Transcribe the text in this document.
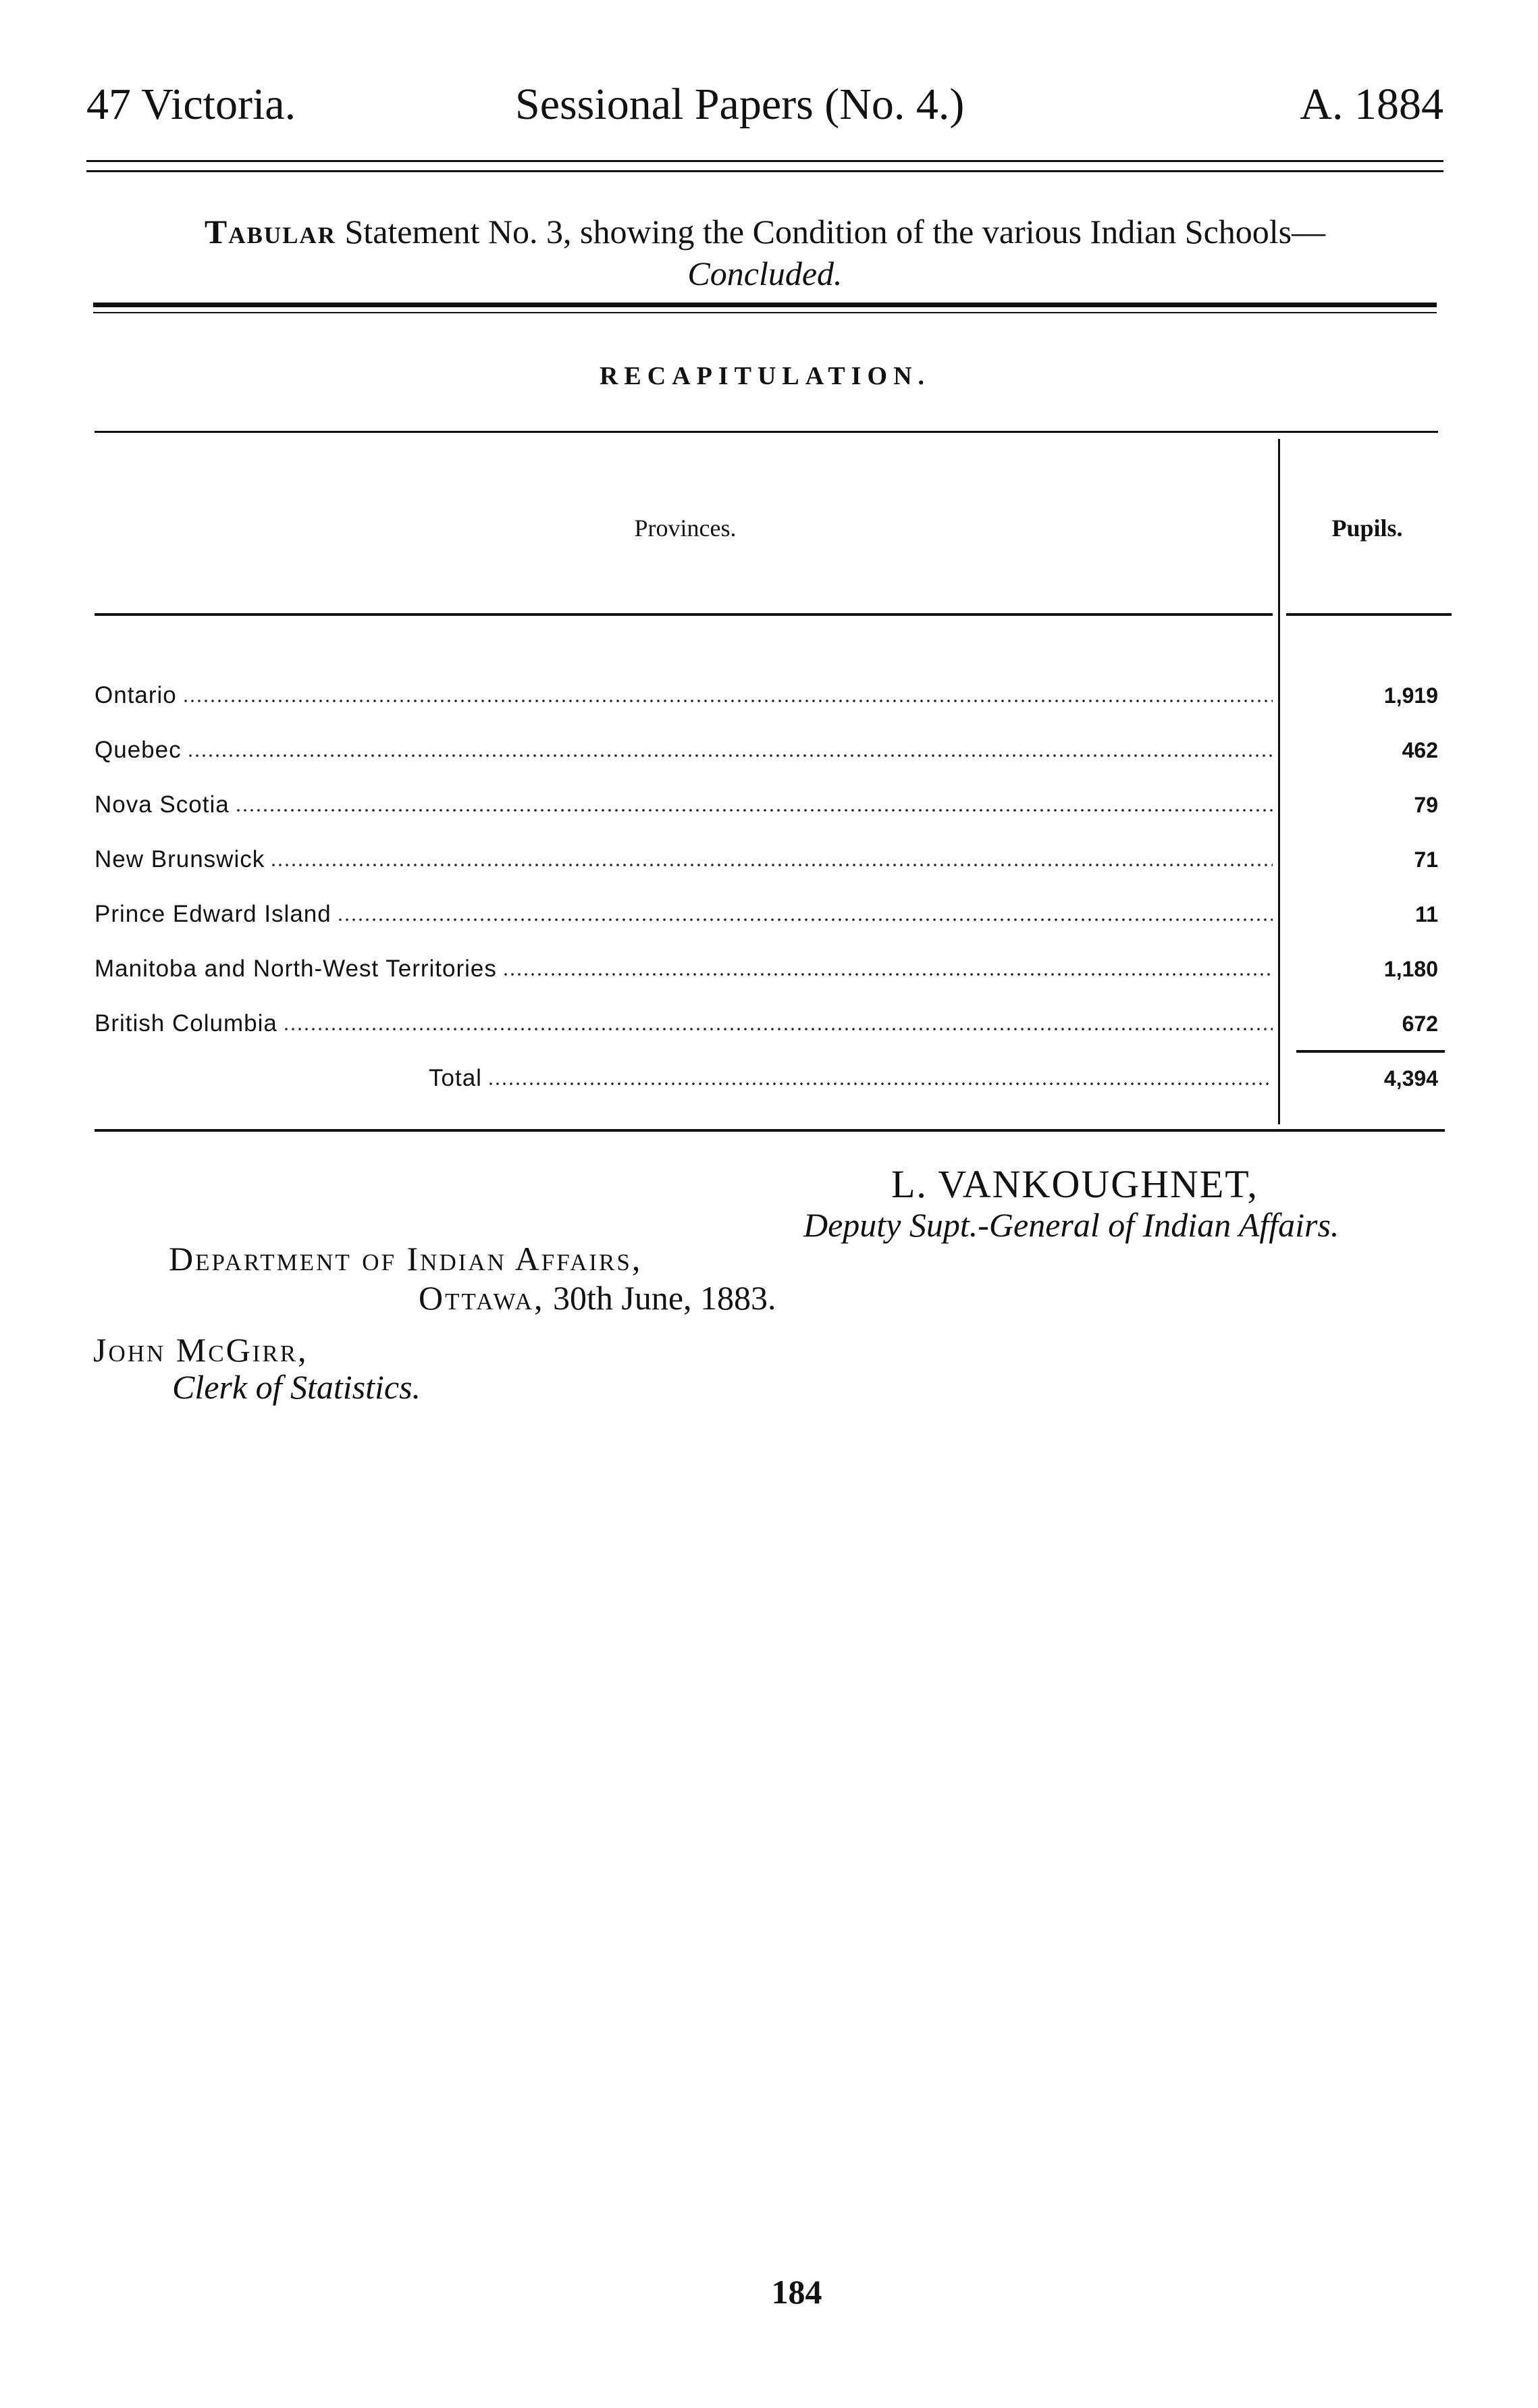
47 Victoria.	Sessional Papers (No. 4.)	A. 1884
Tabular Statement No. 3, showing the Condition of the various Indian Schools—
Concluded.
RECAPITULATION.
Provinces.	Pupils.
Ontario	1,919
Quebec	462
Nova Scotia	79
New Brunswick	71
Prince Edward Island	11
Manitoba and North-West Territories	1,180
British Columbia	672
Total	4,394
L. VANKOUGHNET,
Deputy Supt.-General of Indian Affairs.
Department of Indian Affairs,
Ottawa, 30th June, 1883.
John McGirr,
Clerk of Statistics.
184
